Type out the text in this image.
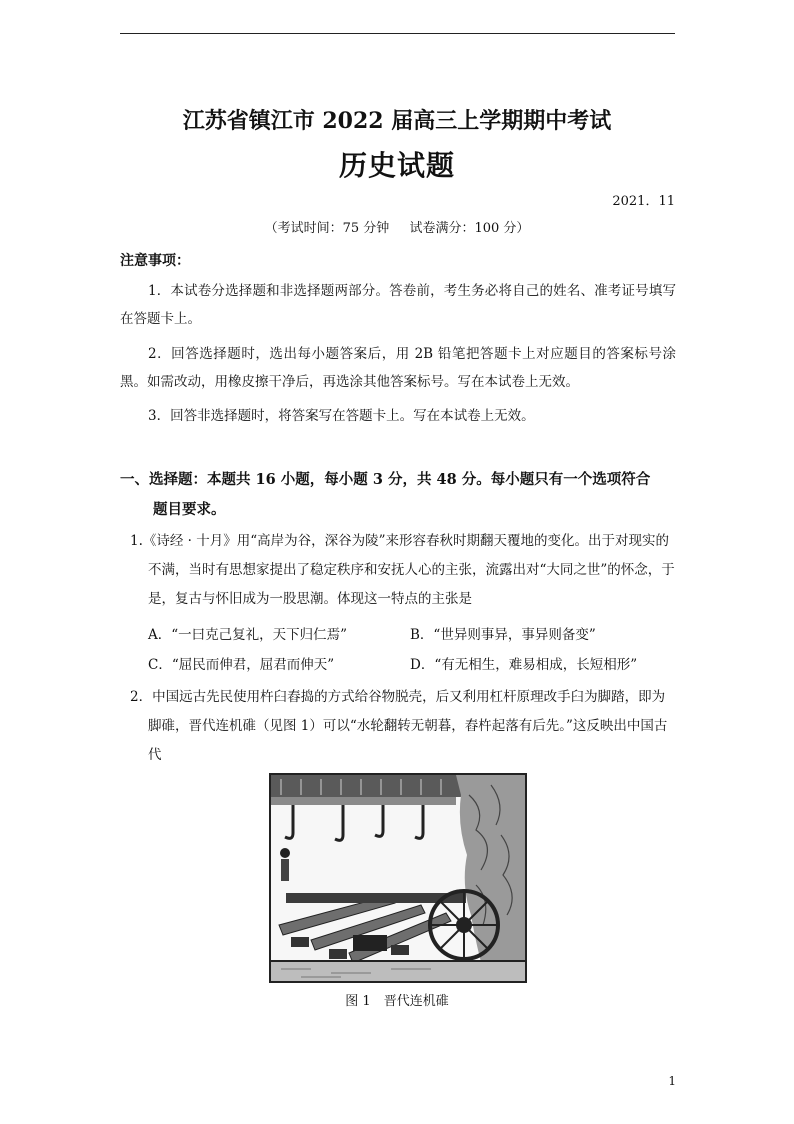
江苏省镇江市 2022 届高三上学期期中考试
历史试题
2021．11
（考试时间：75 分钟 试卷满分：100 分）
注意事项：
1．本试卷分选择题和非选择题两部分。答卷前，考生务必将自己的姓名、准考证号填写在答题卡上。
2．回答选择题时，选出每小题答案后，用 2B 铅笔把答题卡上对应题目的答案标号涂黑。如需改动，用橡皮擦干净后，再选涂其他答案标号。写在本试卷上无效。
3．回答非选择题时，将答案写在答题卡上。写在本试卷上无效。
一、选择题：本题共 16 小题，每小题 3 分，共 48 分。每小题只有一个选项符合
题目要求。
1.《诗经 · 十月》用“高岸为谷，深谷为陵”来形容春秋时期翻天覆地的变化。出于对现实的不满，当时有思想家提出了稳定秩序和安抚人心的主张，流露出对“大同之世”的怀念，于是，复古与怀旧成为一股思潮。体现这一特点的主张是
A．“一曰克己复礼，天下归仁焉”	B．“世异则事异，事异则备变”
C．“屈民而伸君，屈君而伸天”	D．“有无相生，难易相成，长短相形”
2．中国远古先民使用杵臼舂捣的方式给谷物脱壳，后又利用杠杆原理改手臼为脚踏，即为脚碓，晋代连机碓（见图 1）可以“水轮翻转无朝暮，舂杵起落有后先。”这反映出中国古代
图 1　晋代连机碓
1
